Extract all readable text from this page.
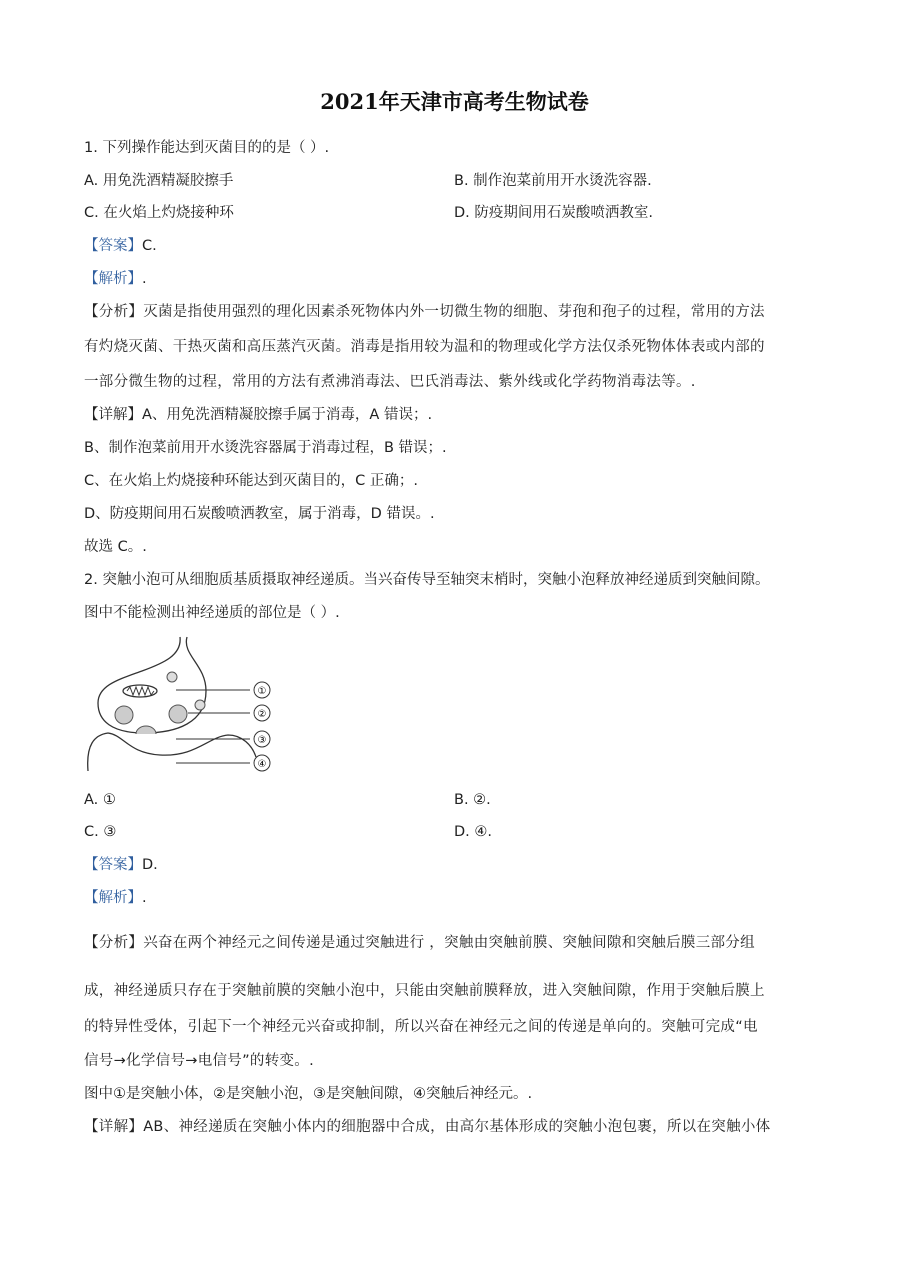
2021年天津市高考生物试卷
1. 下列操作能达到灭菌目的的是（ ）.
A. 用免洗酒精凝胶擦手	B. 制作泡菜前用开水烫洗容器.
C. 在火焰上灼烧接种环	D. 防疫期间用石炭酸喷洒教室.
【答案】C.
【解析】.
【分析】灭菌是指使用强烈的理化因素杀死物体内外一切微生物的细胞、芽孢和孢子的过程，常用的方法
有灼烧灭菌、干热灭菌和高压蒸汽灭菌。消毒是指用较为温和的物理或化学方法仅杀死物体体表或内部的
一部分微生物的过程，常用的方法有煮沸消毒法、巴氏消毒法、紫外线或化学药物消毒法等。.
【详解】A、用免洗酒精凝胶擦手属于消毒，A 错误；.
B、制作泡菜前用开水烫洗容器属于消毒过程，B 错误；.
C、在火焰上灼烧接种环能达到灭菌目的，C 正确；.
D、防疫期间用石炭酸喷洒教室，属于消毒，D 错误。.
故选 C。.
2. 突触小泡可从细胞质基质摄取神经递质。当兴奋传导至轴突末梢时，突触小泡释放神经递质到突触间隙。
图中不能检测出神经递质的部位是（ ）.
①
②
③
④
A. ①	B. ②.
C. ③	D. ④.
【答案】D.
【解析】.
【分析】兴奋在两个神经元之间传递是通过突触进行 ，突触由突触前膜、突触间隙和突触后膜三部分组
成，神经递质只存在于突触前膜的突触小泡中，只能由突触前膜释放，进入突触间隙，作用于突触后膜上
的特异性受体，引起下一个神经元兴奋或抑制，所以兴奋在神经元之间的传递是单向的。突触可完成“电
信号→化学信号→电信号”的转变。.
图中①是突触小体，②是突触小泡，③是突触间隙，④突触后神经元。.
【详解】AB、神经递质在突触小体内的细胞器中合成，由高尔基体形成的突触小泡包裹，所以在突触小体
